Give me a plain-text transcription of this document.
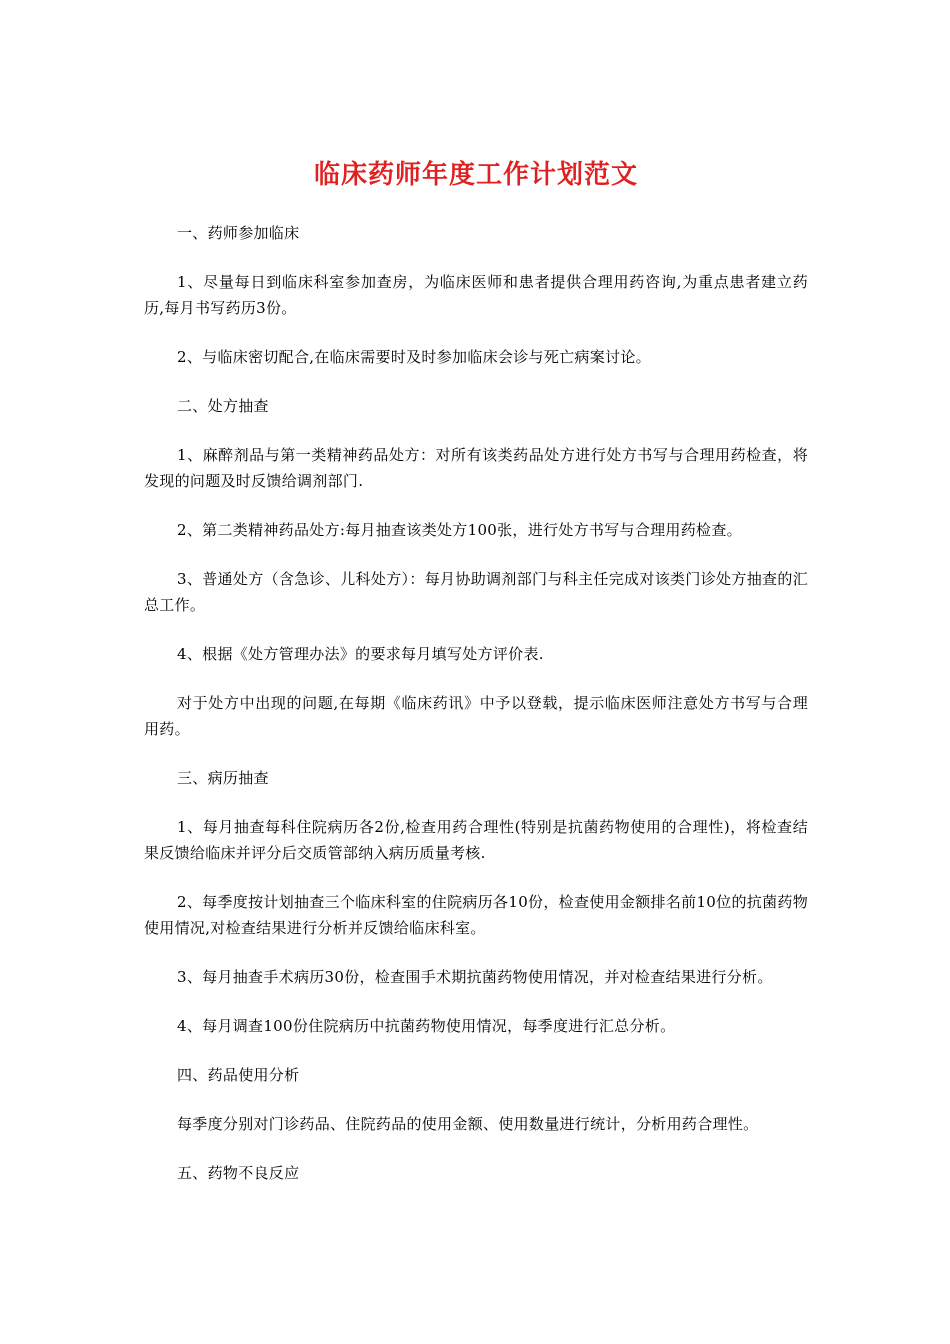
临床药师年度工作计划范文

一、药师参加临床

1、尽量每日到临床科室参加查房，为临床医师和患者提供合理用药咨询,为重点患者建立药历,每月书写药历3份。

2、与临床密切配合,在临床需要时及时参加临床会诊与死亡病案讨论。

二、处方抽查

1、麻醉剂品与第一类精神药品处方：对所有该类药品处方进行处方书写与合理用药检查，将发现的问题及时反馈给调剂部门.

2、第二类精神药品处方:每月抽查该类处方100张，进行处方书写与合理用药检查。

3、普通处方（含急诊、儿科处方）：每月协助调剂部门与科主任完成对该类门诊处方抽查的汇总工作。

4、根据《处方管理办法》的要求每月填写处方评价表.

对于处方中出现的问题,在每期《临床药讯》中予以登载，提示临床医师注意处方书写与合理用药。

三、病历抽查

1、每月抽查每科住院病历各2份,检查用药合理性(特别是抗菌药物使用的合理性)，将检查结果反馈给临床并评分后交质管部纳入病历质量考核.

2、每季度按计划抽查三个临床科室的住院病历各10份，检查使用金额排名前10位的抗菌药物使用情况,对检查结果进行分析并反馈给临床科室。

3、每月抽查手术病历30份，检查围手术期抗菌药物使用情况，并对检查结果进行分析。

4、每月调查100份住院病历中抗菌药物使用情况，每季度进行汇总分析。

四、药品使用分析

每季度分别对门诊药品、住院药品的使用金额、使用数量进行统计，分析用药合理性。

五、药物不良反应
